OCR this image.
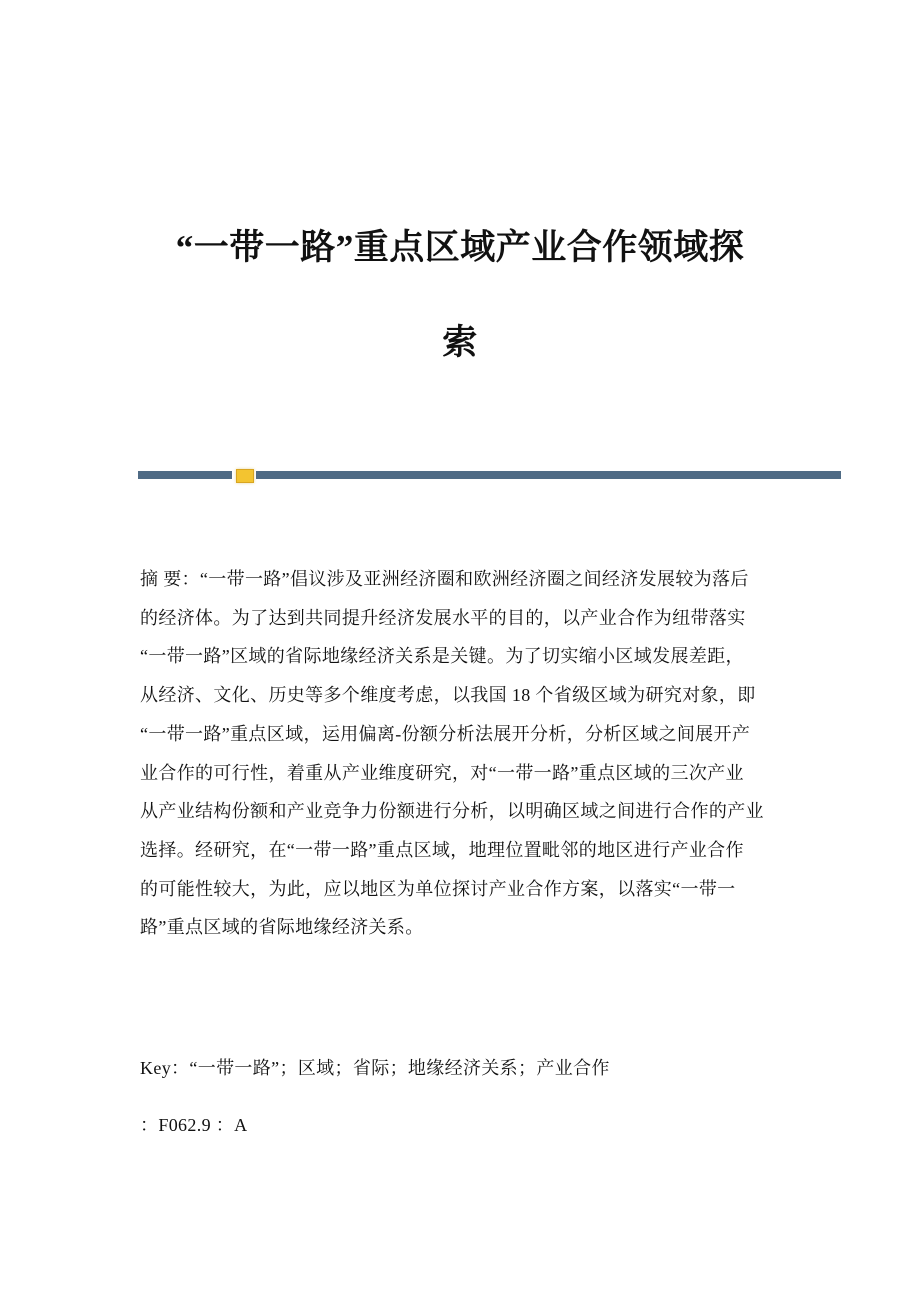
“一带一路”重点区域产业合作领域探
索
摘 要：“一带一路”倡议涉及亚洲经济圈和欧洲经济圈之间经济发展较为落后
的经济体。为了达到共同提升经济发展水平的目的，以产业合作为纽带落实
“一带一路”区域的省际地缘经济关系是关键。为了切实缩小区域发展差距，
从经济、文化、历史等多个维度考虑，以我国 18 个省级区域为研究对象，即
“一带一路”重点区域，运用偏离-份额分析法展开分析，分析区域之间展开产
业合作的可行性，着重从产业维度研究，对“一带一路”重点区域的三次产业
从产业结构份额和产业竞争力份额进行分析，以明确区域之间进行合作的产业
选择。经研究，在“一带一路”重点区域，地理位置毗邻的地区进行产业合作
的可能性较大，为此，应以地区为单位探讨产业合作方案，以落实“一带一
路”重点区域的省际地缘经济关系。
Key：“一带一路”；区域；省际；地缘经济关系；产业合作
：F062.9 ：A
